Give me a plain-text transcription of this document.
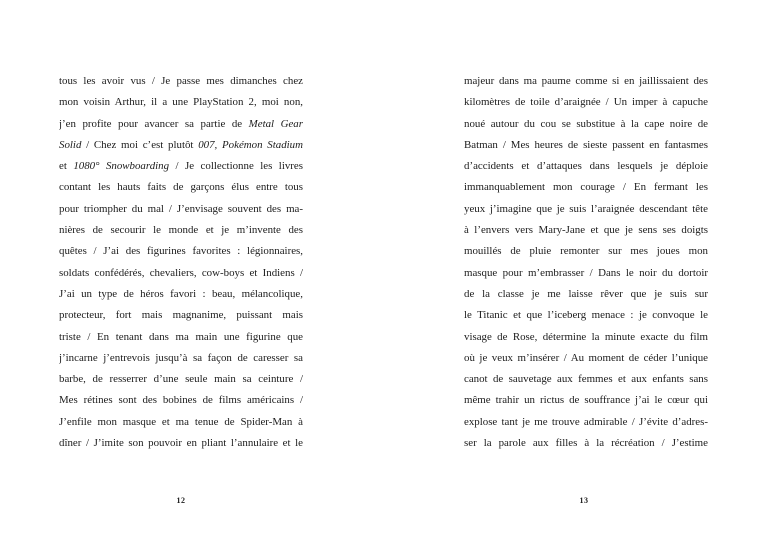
tous les avoir vus / Je passe mes dimanches chez
mon voisin Arthur, il a une PlayStation 2, moi non,
j’en profite pour avancer sa partie de Metal Gear
Solid / Chez moi c’est plutôt 007, Pokémon Stadium
et 1080° Snowboarding / Je collectionne les livres
contant les hauts faits de garçons élus entre tous
pour triompher du mal / J’envisage souvent des ma-
nières de secourir le monde et je m’invente des
quêtes / J’ai des figurines favorites : légionnaires,
soldats confédérés, chevaliers, cow-boys et Indiens /
J’ai un type de héros favori : beau, mélancolique,
protecteur, fort mais magnanime, puissant mais
triste / En tenant dans ma main une figurine que
j’incarne j’entrevois jusqu’à sa façon de caresser sa
barbe, de resserrer d’une seule main sa ceinture /
Mes rétines sont des bobines de films américains /
J’enfile mon masque et ma tenue de Spider-Man à
dîner / J’imite son pouvoir en pliant l’annulaire et le
12
majeur dans ma paume comme si en jaillissaient des
kilomètres de toile d’araignée / Un imper à capuche
noué autour du cou se substitue à la cape noire de
Batman / Mes heures de sieste passent en fantasmes
d’accidents et d’attaques dans lesquels je déploie
immanquablement mon courage / En fermant les
yeux j’imagine que je suis l’araignée descendant tête
à l’envers vers Mary-Jane et que je sens ses doigts
mouillés de pluie remonter sur mes joues mon
masque pour m’embrasser / Dans le noir du dortoir
de la classe je me laisse rêver que je suis sur
le Titanic et que l’iceberg menace : je convoque le
visage de Rose, détermine la minute exacte du film
où je veux m’insérer / Au moment de céder l’unique
canot de sauvetage aux femmes et aux enfants sans
même trahir un rictus de souffrance j’ai le cœur qui
explose tant je me trouve admirable / J’évite d’adres-
ser la parole aux filles à la récréation / J’estime
13
